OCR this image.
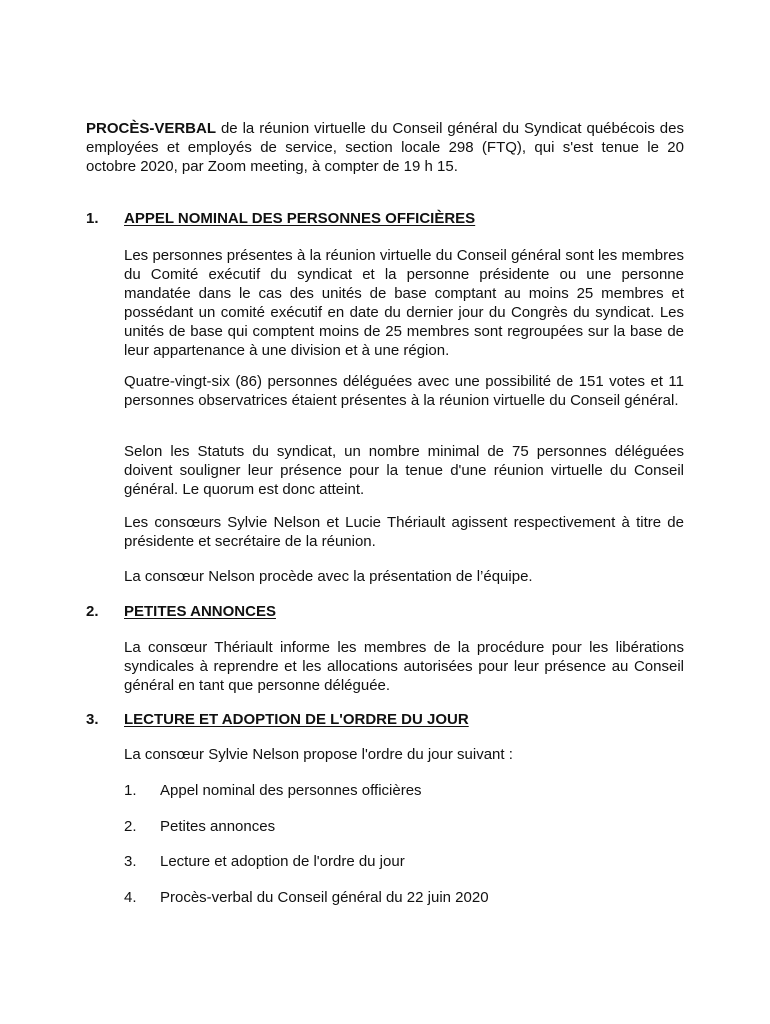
PROCÈS-VERBAL de la réunion virtuelle du Conseil général du Syndicat québécois des employées et employés de service, section locale 298 (FTQ), qui s'est tenue le 20 octobre 2020, par Zoom meeting, à compter de 19 h 15.
1. APPEL NOMINAL DES PERSONNES OFFICIÈRES
Les personnes présentes à la réunion virtuelle du Conseil général sont les membres du Comité exécutif du syndicat et la personne présidente ou une personne mandatée dans le cas des unités de base comptant au moins 25 membres et possédant un comité exécutif en date du dernier jour du Congrès du syndicat. Les unités de base qui comptent moins de 25 membres sont regroupées sur la base de leur appartenance à une division et à une région.
Quatre-vingt-six (86) personnes déléguées avec une possibilité de 151 votes et 11 personnes observatrices étaient présentes à la réunion virtuelle du Conseil général.
Selon les Statuts du syndicat, un nombre minimal de 75 personnes déléguées doivent souligner leur présence pour la tenue d'une réunion virtuelle du Conseil général. Le quorum est donc atteint.
Les consœurs Sylvie Nelson et Lucie Thériault agissent respectivement à titre de présidente et secrétaire de la réunion.
La consœur Nelson procède avec la présentation de l’équipe.
2. PETITES ANNONCES
La consœur Thériault informe les membres de la procédure pour les libérations syndicales à reprendre et les allocations autorisées pour leur présence au Conseil général en tant que personne déléguée.
3. LECTURE ET ADOPTION DE L'ORDRE DU JOUR
La consœur Sylvie Nelson propose l'ordre du jour suivant :
1. Appel nominal des personnes officières
2. Petites annonces
3. Lecture et adoption de l'ordre du jour
4. Procès-verbal du Conseil général du 22 juin 2020
